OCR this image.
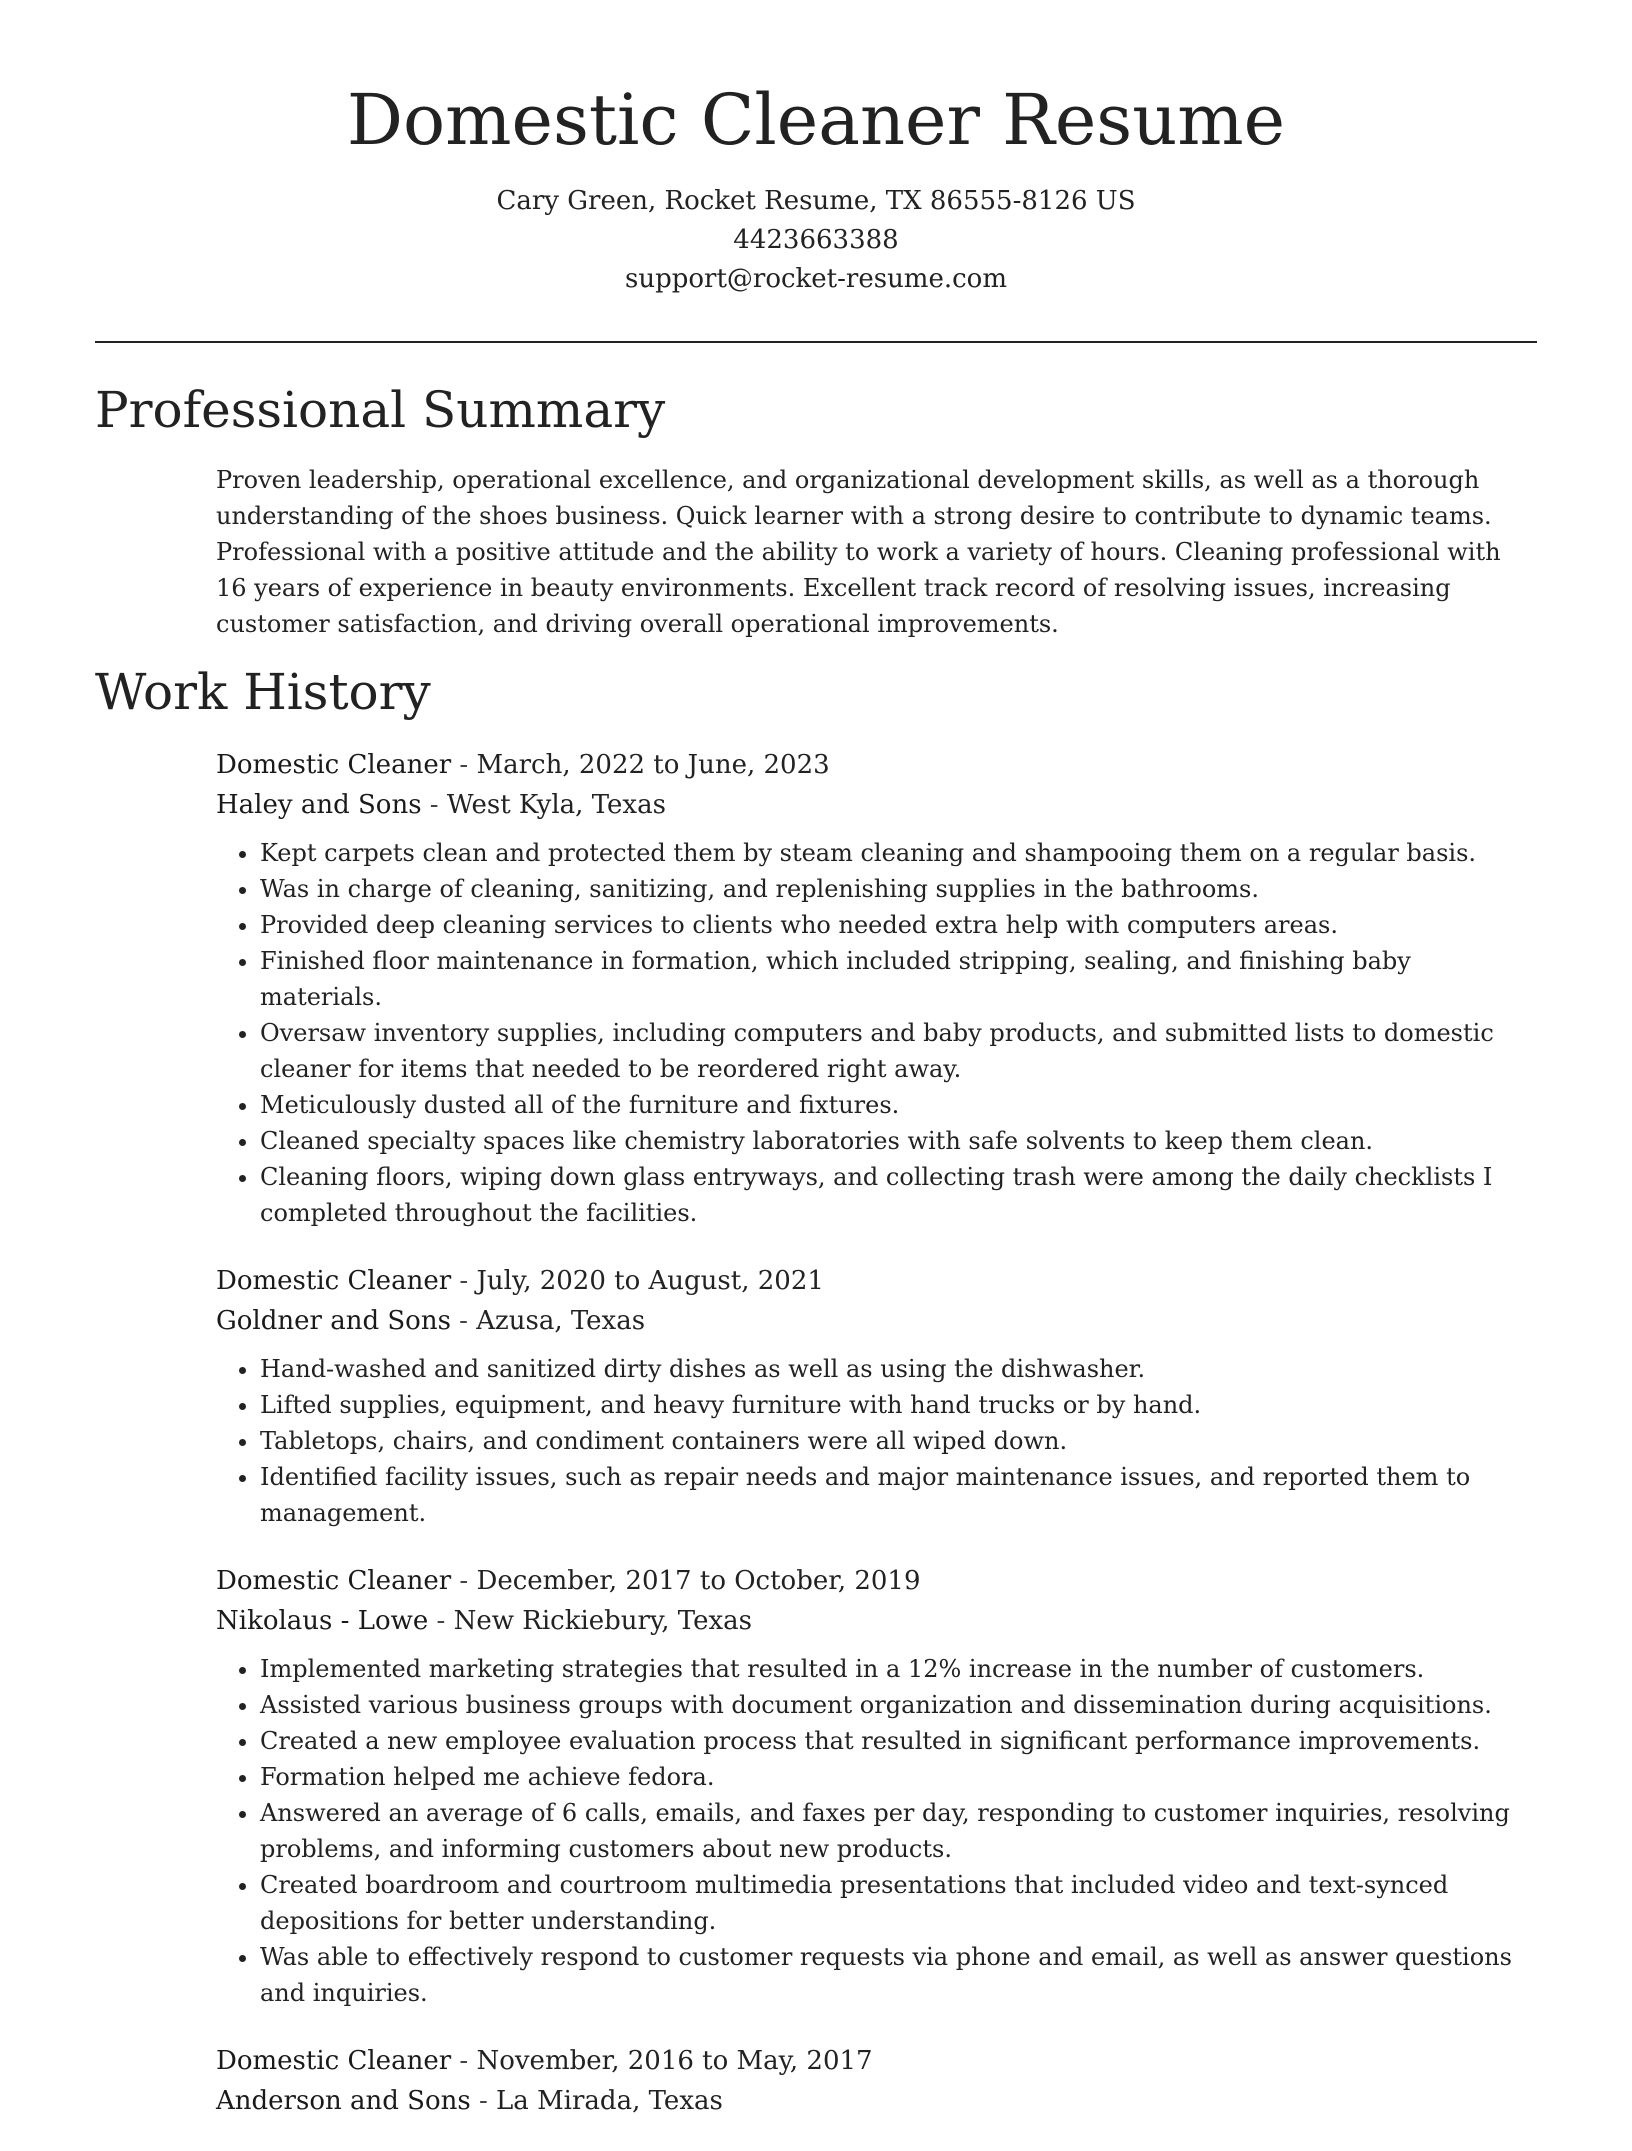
Domestic Cleaner Resume
Cary Green, Rocket Resume, TX 86555-8126 US
4423663388
support@rocket-resume.com
Professional Summary

Proven leadership, operational excellence, and organizational development skills, as well as a thorough understanding of the shoes business. Quick learner with a strong desire to contribute to dynamic teams. Professional with a positive attitude and the ability to work a variety of hours. Cleaning professional with 16 years of experience in beauty environments. Excellent track record of resolving issues, increasing customer satisfaction, and driving overall operational improvements.

Work History
Domestic Cleaner - March, 2022 to June, 2023
Haley and Sons - West Kyla, Texas
• Kept carpets clean and protected them by steam cleaning and shampooing them on a regular basis.
• Was in charge of cleaning, sanitizing, and replenishing supplies in the bathrooms.
• Provided deep cleaning services to clients who needed extra help with computers areas.
• Finished floor maintenance in formation, which included stripping, sealing, and finishing baby materials.
• Oversaw inventory supplies, including computers and baby products, and submitted lists to domestic cleaner for items that needed to be reordered right away.
• Meticulously dusted all of the furniture and fixtures.
• Cleaned specialty spaces like chemistry laboratories with safe solvents to keep them clean.
• Cleaning floors, wiping down glass entryways, and collecting trash were among the daily checklists I completed throughout the facilities.
Domestic Cleaner - July, 2020 to August, 2021
Goldner and Sons - Azusa, Texas
• Hand-washed and sanitized dirty dishes as well as using the dishwasher.
• Lifted supplies, equipment, and heavy furniture with hand trucks or by hand.
• Tabletops, chairs, and condiment containers were all wiped down.
• Identified facility issues, such as repair needs and major maintenance issues, and reported them to management.
Domestic Cleaner - December, 2017 to October, 2019
Nikolaus - Lowe - New Rickiebury, Texas
• Implemented marketing strategies that resulted in a 12% increase in the number of customers.
• Assisted various business groups with document organization and dissemination during acquisitions.
• Created a new employee evaluation process that resulted in significant performance improvements.
• Formation helped me achieve fedora.
• Answered an average of 6 calls, emails, and faxes per day, responding to customer inquiries, resolving problems, and informing customers about new products.
• Created boardroom and courtroom multimedia presentations that included video and text-synced depositions for better understanding.
• Was able to effectively respond to customer requests via phone and email, as well as answer questions and inquiries.
Domestic Cleaner - November, 2016 to May, 2017
Anderson and Sons - La Mirada, Texas
